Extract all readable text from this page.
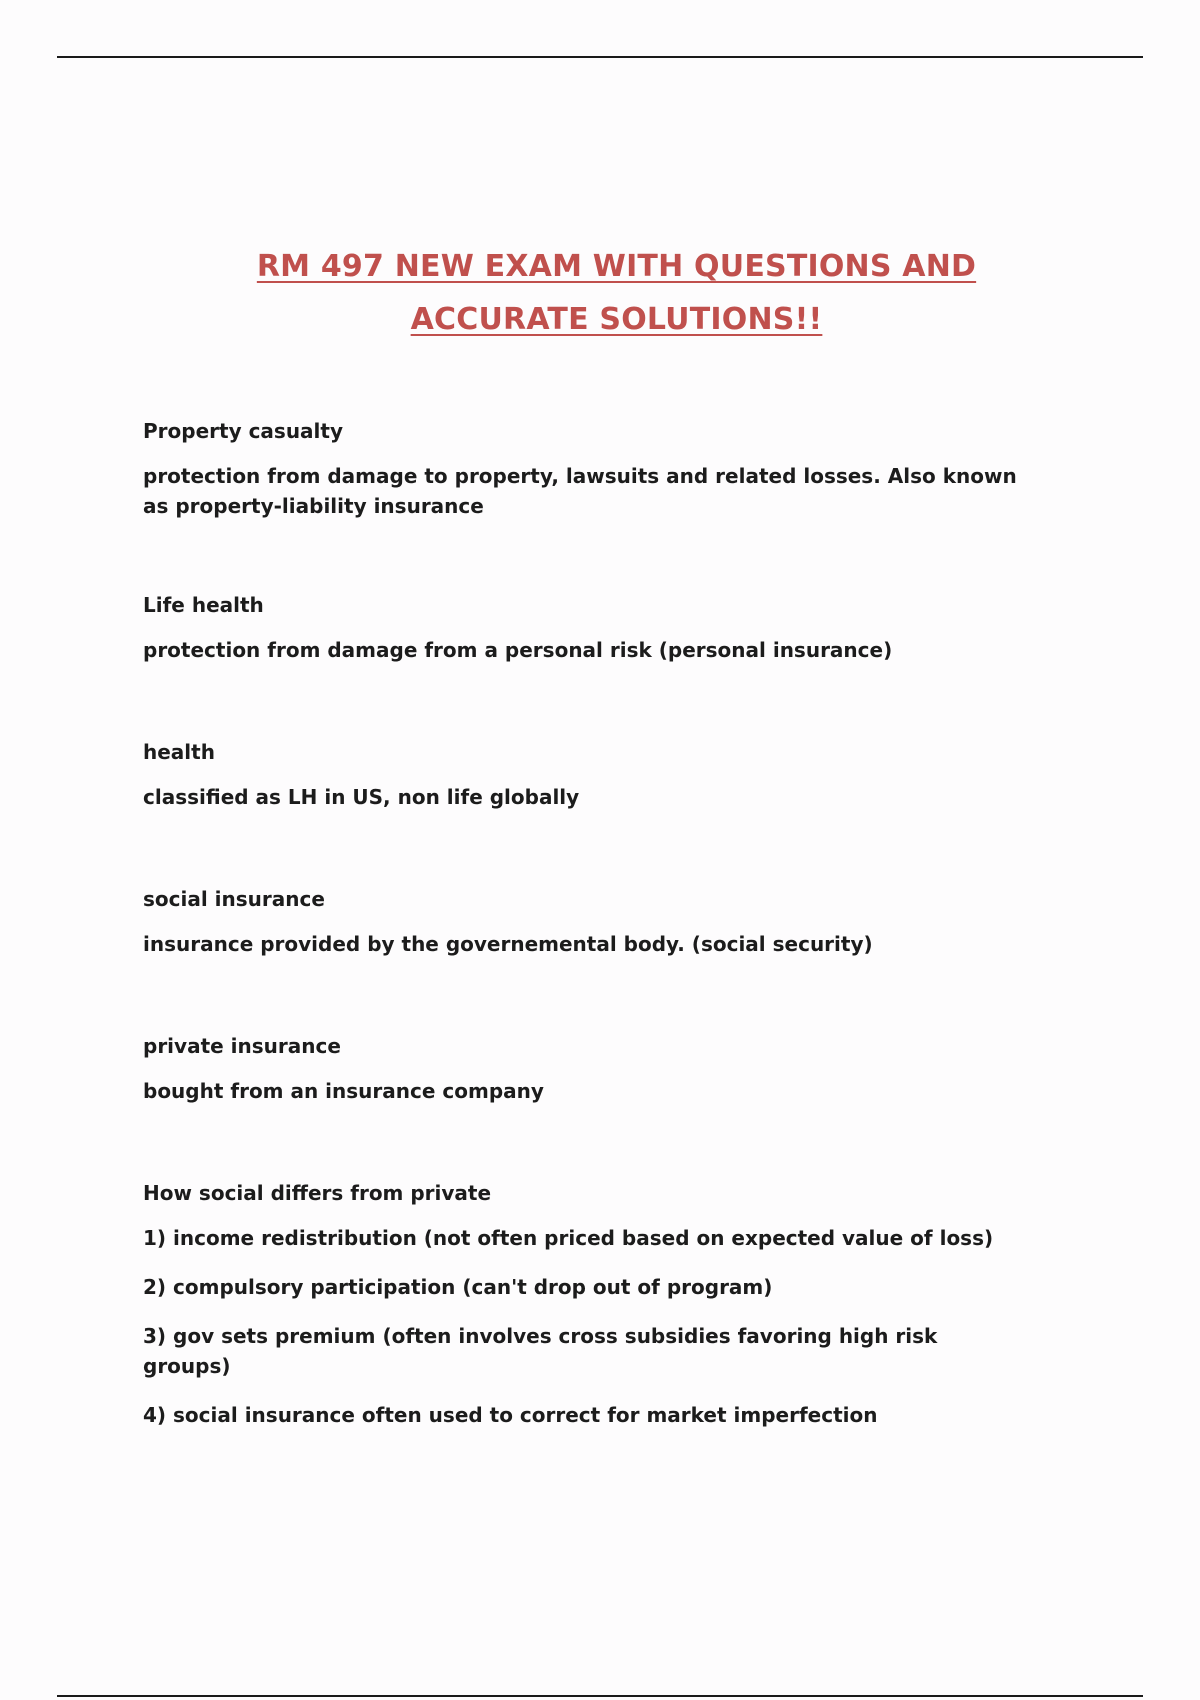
RM 497 NEW EXAM WITH QUESTIONS AND
ACCURATE SOLUTIONS!!
Property casualty
protection from damage to property, lawsuits and related losses. Also known as property-liability insurance
Life health
protection from damage from a personal risk (personal insurance)
health
classified as LH in US, non life globally
social insurance
insurance provided by the governemental body. (social security)
private insurance
bought from an insurance company
How social differs from private
1) income redistribution (not often priced based on expected value of loss)
2) compulsory participation (can't drop out of program)
3) gov sets premium (often involves cross subsidies favoring high risk groups)
4) social insurance often used to correct for market imperfection
